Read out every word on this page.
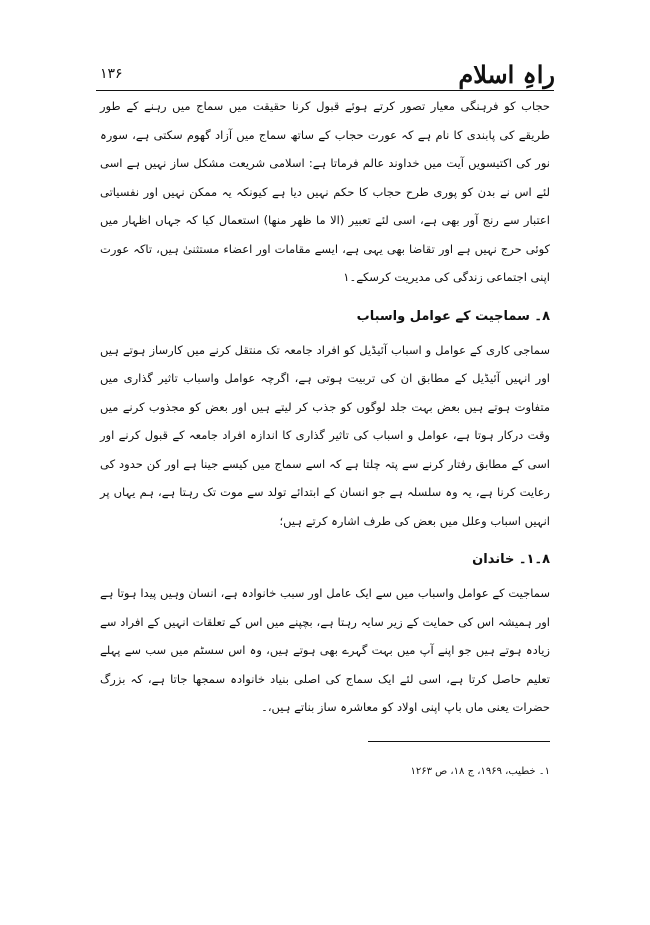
راہِ اسلام
۱۳۶

حجاب کو فرہنگی معیار تصور کرتے ہوئے قبول کرنا حقیقت میں سماج میں رہنے کے طور طریقے کی پابندی کا نام ہے کہ عورت حجاب کے ساتھ سماج میں آزاد گھوم سکتی ہے، سورہ نور کی اکتیسویں آیت میں خداوند عالم فرماتا ہے: اسلامی شریعت مشکل ساز نہیں ہے اسی لئے اس نے بدن کو پوری طرح حجاب کا حکم نہیں دیا ہے کیونکہ یہ ممکن نہیں اور نفسیاتی اعتبار سے رنج آور بھی ہے، اسی لئے تعبیر (الا ما ظهر منها) استعمال کیا کہ جہاں اظہار میں کوئی حرج نہیں ہے اور تقاضا بھی یہی ہے، ایسے مقامات اور اعضاء مستثنیٰ ہیں، تاکہ عورت اپنی اجتماعی زندگی کی مدیریت کرسکے۔۱

۸۔ سماجیت کے عوامل واسباب

سماجی کاری کے عوامل و اسباب آئیڈیل کو افراد جامعہ تک منتقل کرنے میں کارساز ہوتے ہیں اور انہیں آئیڈیل کے مطابق ان کی تربیت ہوتی ہے، اگرچہ عوامل واسباب تاثیر گذاری میں متفاوت ہوتے ہیں بعض بہت جلد لوگوں کو جذب کر لیتے ہیں اور بعض کو مجذوب کرنے میں وقت درکار ہوتا ہے، عوامل و اسباب کی تاثیر گذاری کا اندازہ افراد جامعہ کے قبول کرنے اور اسی کے مطابق رفتار کرنے سے پتہ چلتا ہے کہ اسے سماج میں کیسے جینا ہے اور کن حدود کی رعایت کرنا ہے، یہ وہ سلسلہ ہے جو انسان کے ابتدائے تولد سے موت تک رہتا ہے، ہم یہاں پر انہیں اسباب وعلل میں بعض کی طرف اشارہ کرتے ہیں؛

۸۔۱۔ خاندان

سماجیت کے عوامل واسباب میں سے ایک عامل اور سبب خانوادہ ہے، انسان وہیں پیدا ہوتا ہے اور ہمیشہ اس کی حمایت کے زیر سایہ رہتا ہے، بچپنے میں اس کے تعلقات انہیں کے افراد سے زیادہ ہوتے ہیں جو اپنے آپ میں بہت گہرے بھی ہوتے ہیں، وہ اس سسٹم میں سب سے پہلے تعلیم حاصل کرتا ہے، اسی لئے ایک سماج کی اصلی بنیاد خانوادہ سمجھا جاتا ہے، کہ بزرگ حضرات یعنی ماں باپ اپنی اولاد کو معاشرہ ساز بناتے ہیں،۔

۱۔ خطیب، ۱۹۶۹، ج ۱۸، ص ۱۲۶۳
